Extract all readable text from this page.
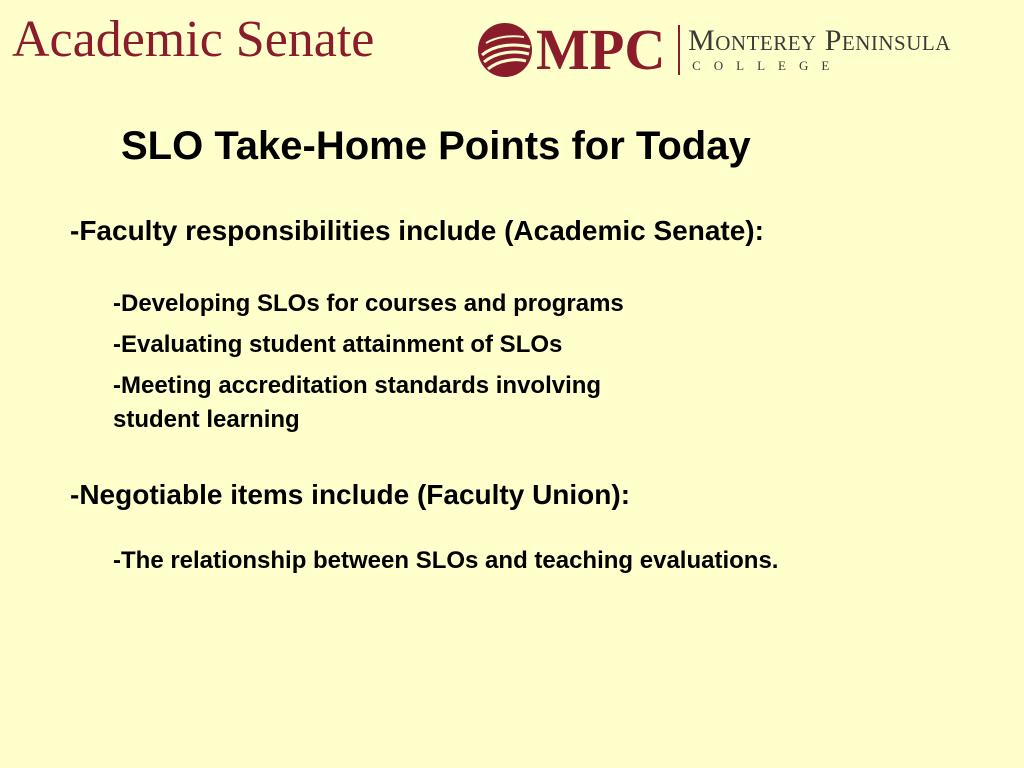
Academic Senate	MPC Monterey Peninsula
COLLEGE
SLO Take-Home Points for Today
-Faculty responsibilities include (Academic Senate):
-Developing SLOs for courses and programs
-Evaluating student attainment of SLOs
-Meeting accreditation standards involving
student learning
-Negotiable items include (Faculty Union):
-The relationship between SLOs and teaching evaluations.
